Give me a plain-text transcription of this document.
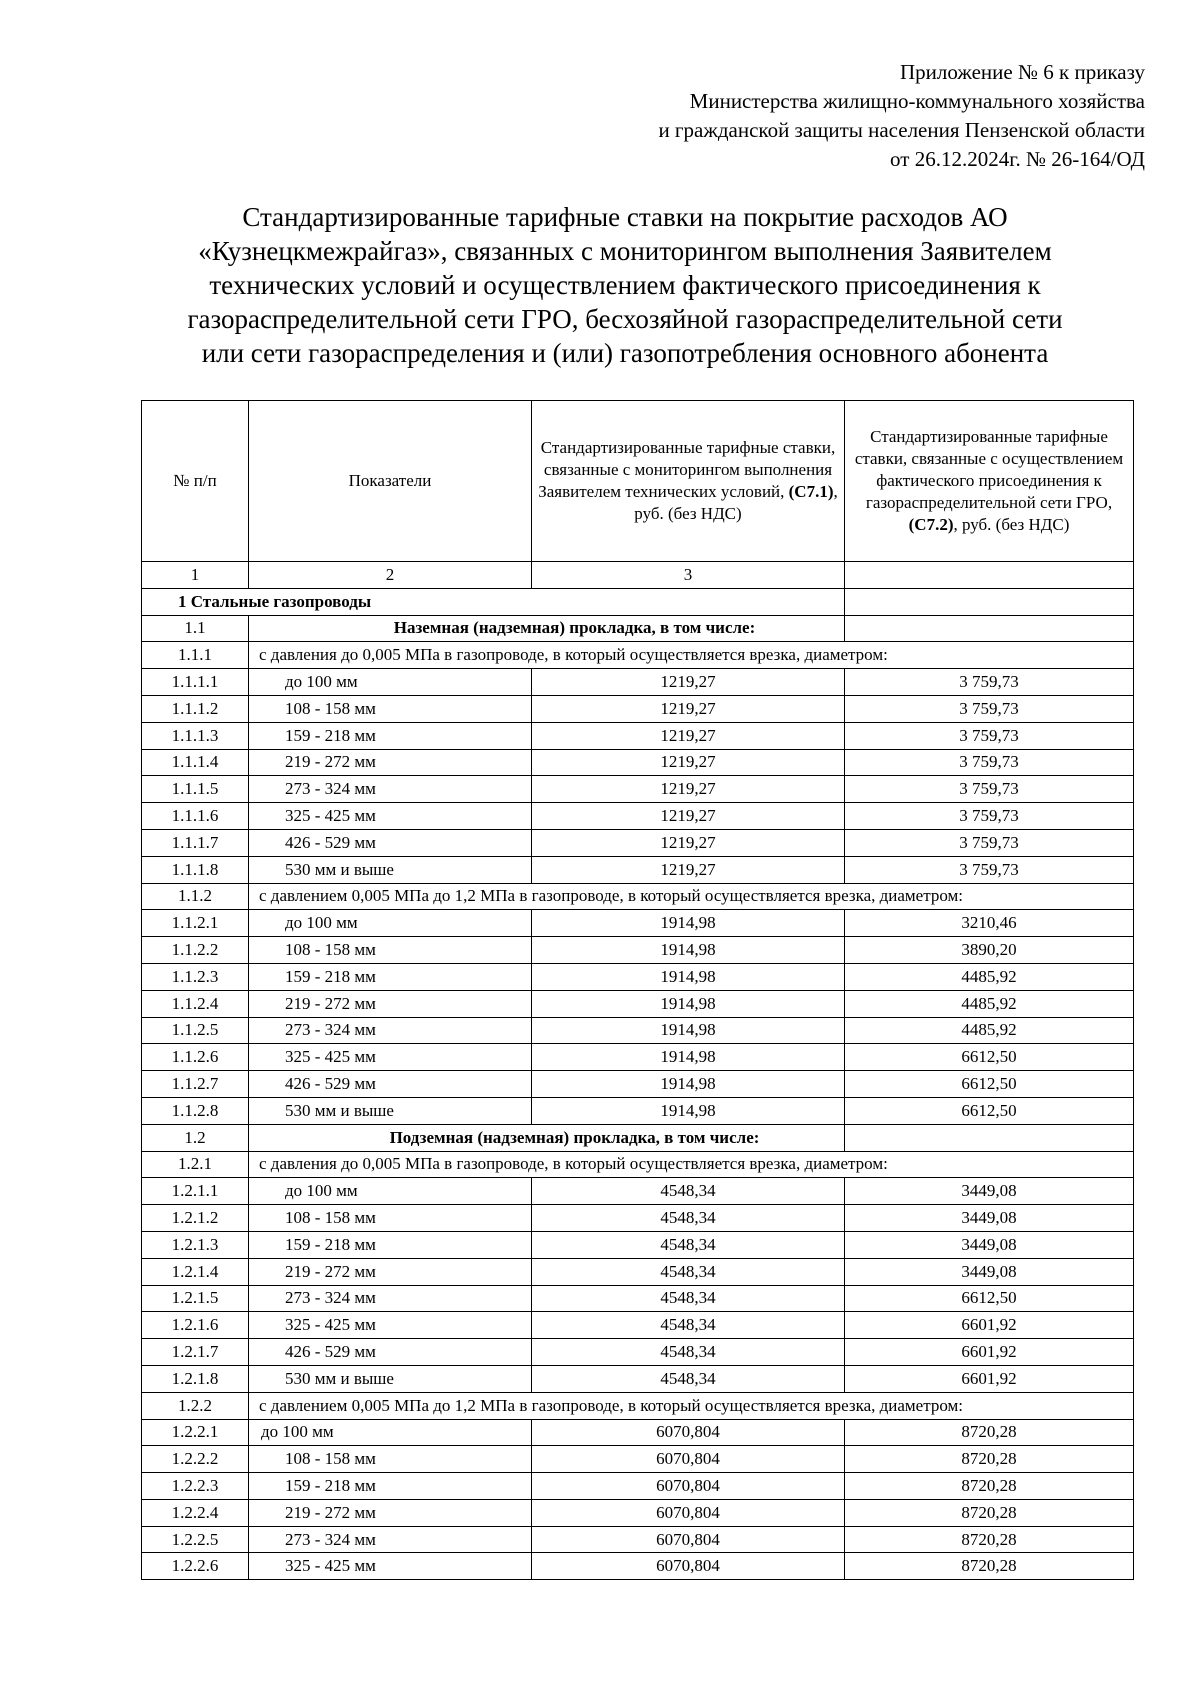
Приложение № 6 к приказу
Министерства жилищно-коммунального хозяйства
и гражданской защиты населения Пензенской области
от 26.12.2024г. № 26-164/ОД
Стандартизированные тарифные ставки на покрытие расходов АО
«Кузнецкмежрайгаз», связанных с мониторингом выполнения Заявителем
технических условий и осуществлением фактического присоединения к
газораспределительной сети ГРО, бесхозяйной газораспределительной сети
или сети газораспределения и (или) газопотребления основного абонента
№ п/п	Показатели	Стандартизированные тарифные ставки, связанные с мониторингом выполнения Заявителем технических условий, (С7.1), руб. (без НДС)	Стандартизированные тарифные ставки, связанные с осуществлением фактического присоединения к газораспределительной сети ГРО, (С7.2), руб. (без НДС)
1	2	3	
1 Стальные газопроводы			
1.1	Наземная (надземная) прокладка, в том числе:		
1.1.1	с давления до 0,005 МПа в газопроводе, в который осуществляется врезка, диаметром:		
1.1.1.1	до 100 мм	1219,27	3 759,73
1.1.1.2	108 - 158 мм	1219,27	3 759,73
1.1.1.3	159 - 218 мм	1219,27	3 759,73
1.1.1.4	219 - 272 мм	1219,27	3 759,73
1.1.1.5	273 - 324 мм	1219,27	3 759,73
1.1.1.6	325 - 425 мм	1219,27	3 759,73
1.1.1.7	426 - 529 мм	1219,27	3 759,73
1.1.1.8	530 мм и выше	1219,27	3 759,73
1.1.2	с давлением 0,005 МПа до 1,2 МПа в газопроводе, в который осуществляется врезка, диаметром:		
1.1.2.1	до 100 мм	1914,98	3210,46
1.1.2.2	108 - 158 мм	1914,98	3890,20
1.1.2.3	159 - 218 мм	1914,98	4485,92
1.1.2.4	219 - 272 мм	1914,98	4485,92
1.1.2.5	273 - 324 мм	1914,98	4485,92
1.1.2.6	325 - 425 мм	1914,98	6612,50
1.1.2.7	426 - 529 мм	1914,98	6612,50
1.1.2.8	530 мм и выше	1914,98	6612,50
1.2	Подземная (надземная) прокладка, в том числе:		
1.2.1	с давления до 0,005 МПа в газопроводе, в который осуществляется врезка, диаметром:		
1.2.1.1	до 100 мм	4548,34	3449,08
1.2.1.2	108 - 158 мм	4548,34	3449,08
1.2.1.3	159 - 218 мм	4548,34	3449,08
1.2.1.4	219 - 272 мм	4548,34	3449,08
1.2.1.5	273 - 324 мм	4548,34	6612,50
1.2.1.6	325 - 425 мм	4548,34	6601,92
1.2.1.7	426 - 529 мм	4548,34	6601,92
1.2.1.8	530 мм и выше	4548,34	6601,92
1.2.2	с давлением 0,005 МПа до 1,2 МПа в газопроводе, в который осуществляется врезка, диаметром:		
1.2.2.1	до 100 мм	6070,804	8720,28
1.2.2.2	108 - 158 мм	6070,804	8720,28
1.2.2.3	159 - 218 мм	6070,804	8720,28
1.2.2.4	219 - 272 мм	6070,804	8720,28
1.2.2.5	273 - 324 мм	6070,804	8720,28
1.2.2.6	325 - 425 мм	6070,804	8720,28
